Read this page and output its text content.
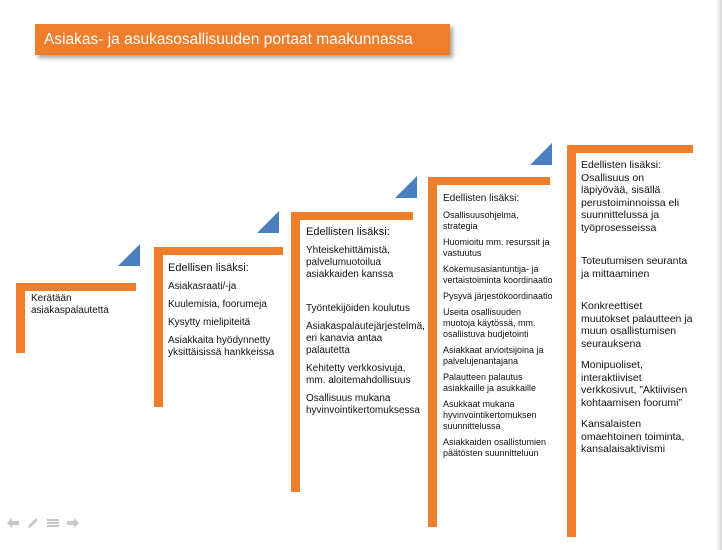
Asiakas- ja asukasosallisuuden portaat maakunnassa
Kerätään asiakaspalautetta
Edellisen lisäksi:
Asiakasraati/-ja
Kuulemisia, foorumeja
Kysytty mielipiteitä
Asiakkaita hyödynnetty yksittäisissä hankkeissa
Edellisten lisäksi:
Yhteiskehittämistä, palvelumuotoilua asiakkaiden kanssa
Työntekijöiden koulutus
Asiakaspalautejärjestelmä, eri kanavia antaa palautetta
Kehitetty verkkosivuja, mm. aloitemahdollisuus
Osallisuus mukana hyvinvointikertomuksessa
Edellisten lisäksi:
Osallisuusohjelma, strategia
Huomioitu mm. resurssit ja vastuutus
Kokemusasiantuntija- ja vertaistoiminta koordinaatio
Pysyvä järjestökoordinaatio
Useita osallisuuden muotoja käytössä, mm. osallistuva budjetointi
Asiakkaat arvioitsijoina ja palvelujenantajana
Palautteen palautus asiakkaille ja asukkaille
Asukkaat mukana hyvinvointikertomuksen suunnittelussa
Asiakkaiden osallistumien päätösten suunnitteluun
Edellisten lisäksi:
Osallisuus on läpiyövää, sisällä perustoiminnoissa eli suunnittelussa ja työprosesseissa
Toteutumisen seuranta ja mittaaminen
Konkreettiset muutokset palautteen ja muun osallistumisen seurauksena
Monipuoliset, interaktiiviset verkkosivut, ”Aktiivisen kohtaamisen foorumi”
Kansalaisten omaehtoinen toiminta, kansalaisaktivismi
